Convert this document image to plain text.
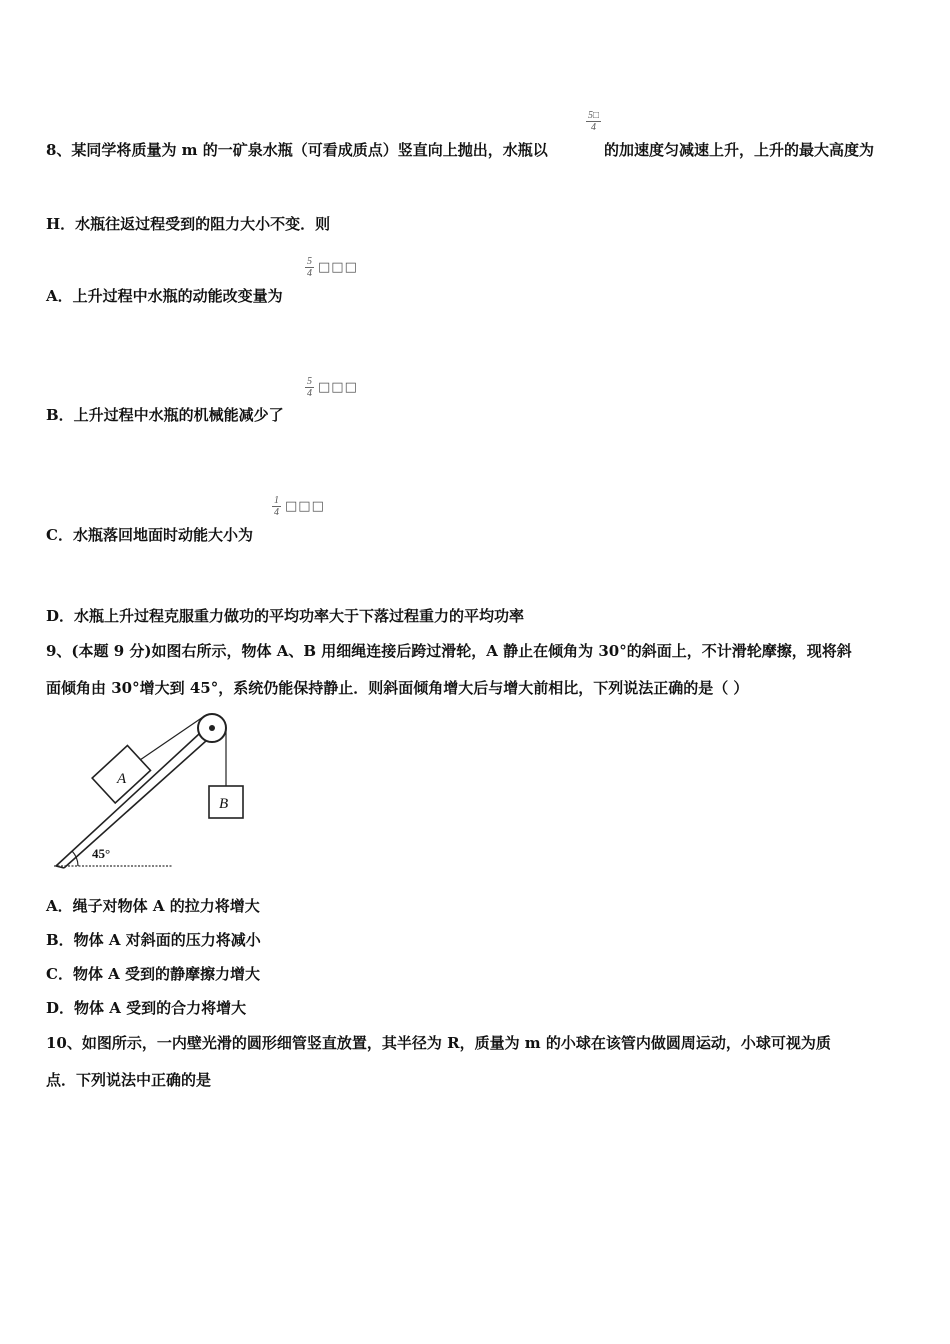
8、某同学将质量为 m 的一矿泉水瓶（可看成质点）竖直向上抛出，水瓶以
$\frac{5□}{4}$
的加速度匀减速上升，上升的最大高度为
H．水瓶往返过程受到的阻力大小不变．则
$\frac{5}{4}$ □□□
A．上升过程中水瓶的动能改变量为
$\frac{5}{4}$ □□□
B．上升过程中水瓶的机械能减少了
$\frac{1}{4}$ □□□
C．水瓶落回地面时动能大小为
D．水瓶上升过程克服重力做功的平均功率大于下落过程重力的平均功率
9、(本题 9 分)如图右所示，物体 A、B 用细绳连接后跨过滑轮，A 静止在倾角为 30°的斜面上，不计滑轮摩擦，现将斜
面倾角由 30°增大到 45°，系统仍能保持静止．则斜面倾角增大后与增大前相比，下列说法正确的是（ ）
A
B
45°
A．绳子对物体 A 的拉力将增大
B．物体 A 对斜面的压力将减小
C．物体 A 受到的静摩擦力增大
D．物体 A 受到的合力将增大
10、如图所示，一内壁光滑的圆形细管竖直放置，其半径为 R，质量为 m 的小球在该管内做圆周运动，小球可视为质
点．下列说法中正确的是
